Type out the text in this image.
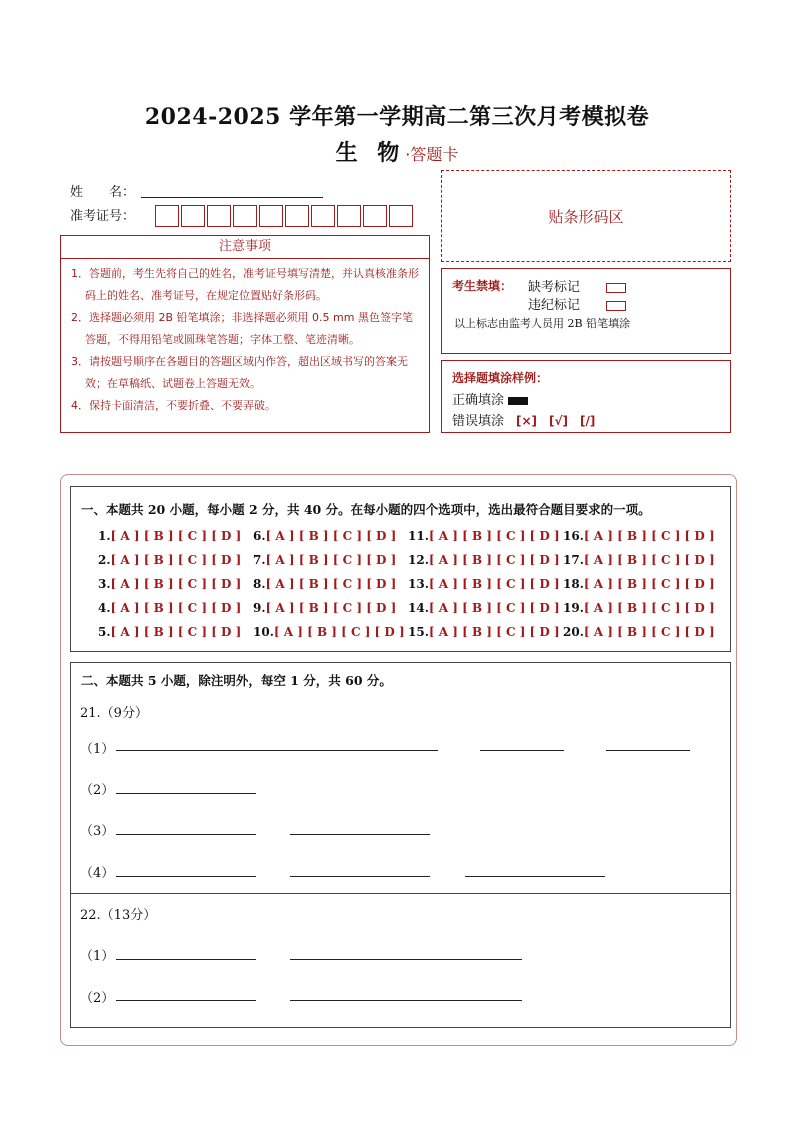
2024-2025 学年第一学期高二第三次月考模拟卷
生 物·答题卡
姓　　名：
准考证号：
注意事项
1．答题前，考生先将自己的姓名，准考证号填写清楚，并认真核准条形码上的姓名、准考证号，在规定位置贴好条形码。
2．选择题必须用 2B 铅笔填涂；非选择题必须用 0.5 mm 黑色签字笔答题，不得用铅笔或圆珠笔答题；字体工整、笔迹清晰。
3．请按题号顺序在各题目的答题区域内作答，超出区域书写的答案无效；在草稿纸、试题卷上答题无效。
4．保持卡面清洁，不要折叠、不要弄破。
贴条形码区
考生禁填： 缺考标记
违纪标记
以上标志由监考人员用 2B 铅笔填涂
选择题填涂样例：
正确填涂
错误填涂 [×] [√] [/]
一、本题共 20 小题，每小题 2 分，共 40 分。在每小题的四个选项中，选出最符合题目要求的一项。
1.[ A ] [ B ] [ C ] [ D ]
2.[ A ] [ B ] [ C ] [ D ]
3.[ A ] [ B ] [ C ] [ D ]
4.[ A ] [ B ] [ C ] [ D ]
5.[ A ] [ B ] [ C ] [ D ]
6.[ A ] [ B ] [ C ] [ D ]
7.[ A ] [ B ] [ C ] [ D ]
8.[ A ] [ B ] [ C ] [ D ]
9.[ A ] [ B ] [ C ] [ D ]
10.[ A ] [ B ] [ C ] [ D ]
11.[ A ] [ B ] [ C ] [ D ]
12.[ A ] [ B ] [ C ] [ D ]
13.[ A ] [ B ] [ C ] [ D ]
14.[ A ] [ B ] [ C ] [ D ]
15.[ A ] [ B ] [ C ] [ D ]
16.[ A ] [ B ] [ C ] [ D ]
17.[ A ] [ B ] [ C ] [ D ]
18.[ A ] [ B ] [ C ] [ D ]
19.[ A ] [ B ] [ C ] [ D ]
20.[ A ] [ B ] [ C ] [ D ]
二、本题共 5 小题，除注明外，每空 1 分，共 60 分。
21.（9分）
（1）
（2）
（3）
（4）
22.（13分）
（1）
（2）
